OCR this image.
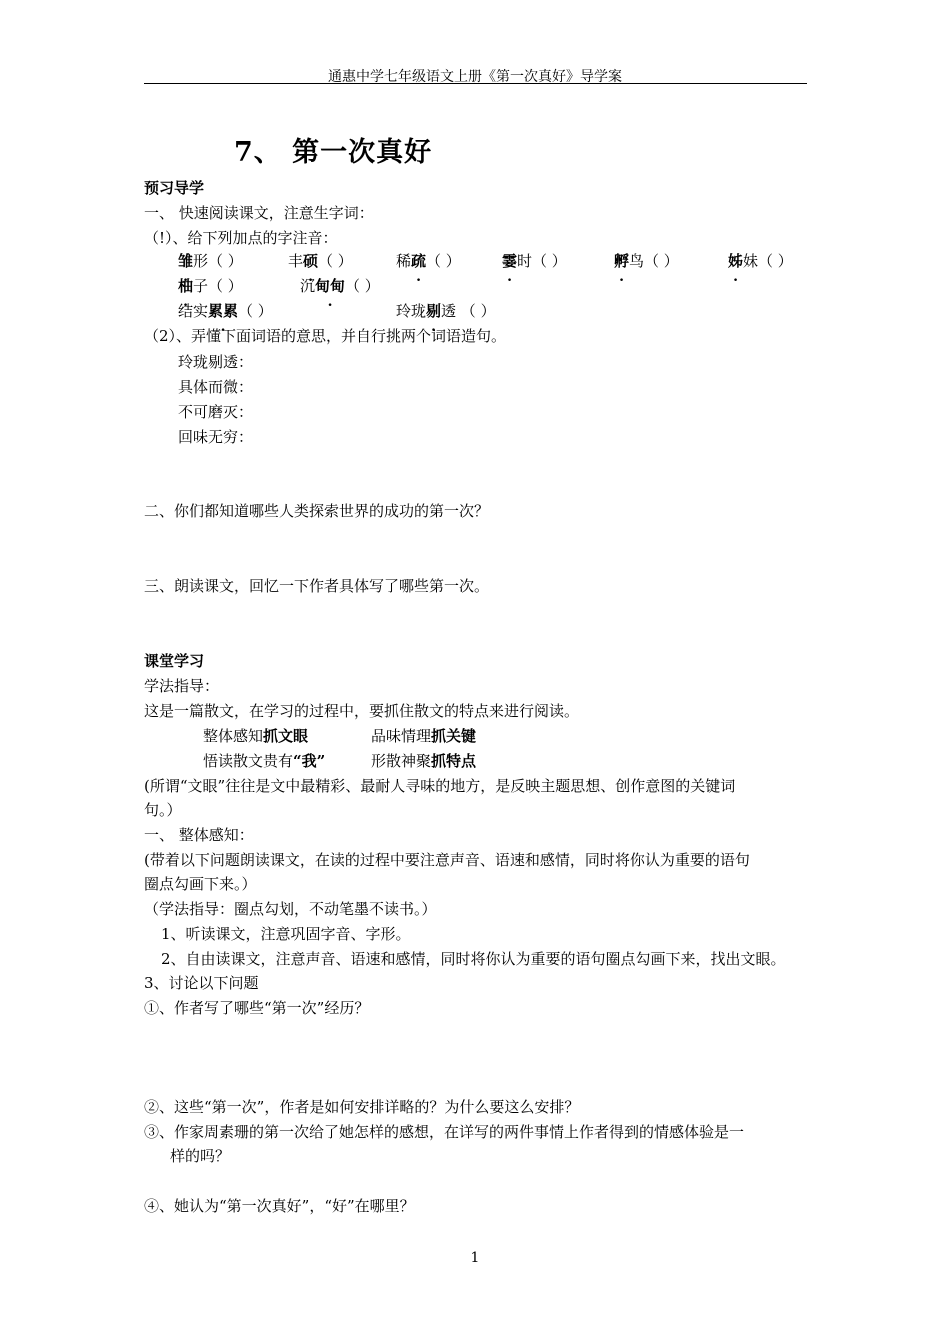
通惠中学七年级语文上册《第一次真好》导学案
7、 第一次真好
预习导学
一、 快速阅读课文，注意生字词：
（!）、给下列加点的字注音：
雏形（ ）	丰硕（ ）	稀疏（ ）	霎时（ ）	孵鸟（ ）	姊妹（ ）
柚子（ ）	沉甸甸（ ）
结实累累（ ）	玲珑剔透 （ ）
（2）、弄懂下面词语的意思，并自行挑两个词语造句。
玲珑剔透：
具体而微：
不可磨灭：
回味无穷：
二、你们都知道哪些人类探索世界的成功的第一次？
三、朗读课文，回忆一下作者具体写了哪些第一次。
课堂学习
学法指导：
这是一篇散文，在学习的过程中，要抓住散文的特点来进行阅读。
整体感知抓文眼	品味情理抓关键
悟读散文贵有“我”	形散神聚抓特点
(所谓“文眼”往往是文中最精彩、最耐人寻味的地方，是反映主题思想、创作意图的关键词
句。）
一、 整体感知：
(带着以下问题朗读课文，在读的过程中要注意声音、语速和感情，同时将你认为重要的语句
圈点勾画下来。）
（学法指导：圈点勾划，不动笔墨不读书。）
1、听读课文，注意巩固字音、字形。
2、自由读课文，注意声音、语速和感情，同时将你认为重要的语句圈点勾画下来，找出文眼。
3、讨论以下问题
①、作者写了哪些“第一次”经历？
②、这些“第一次”，作者是如何安排详略的？为什么要这么安排？
③、作家周素珊的第一次给了她怎样的感想，在详写的两件事情上作者得到的情感体验是一
样的吗？
④、她认为“第一次真好”，“好”在哪里？
1
